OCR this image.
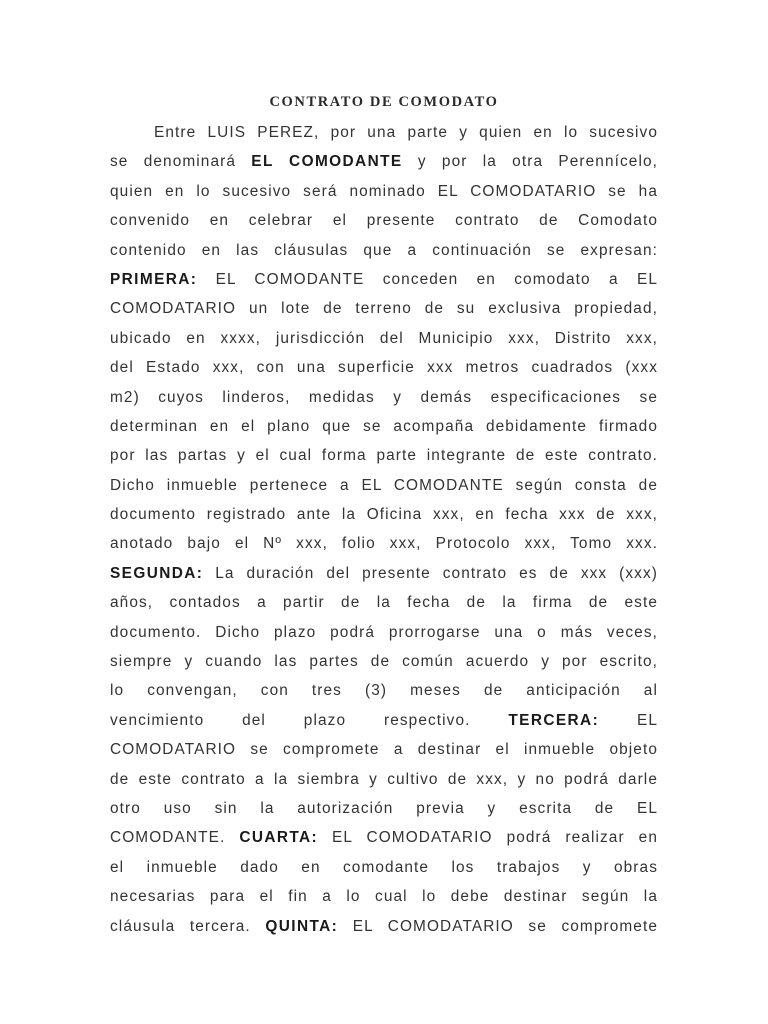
CONTRATO DE COMODATO
Entre LUIS PEREZ, por una parte y quien en lo sucesivo
se denominará EL COMODANTE y por la otra Perennícelo,
quien en lo sucesivo será nominado EL COMODATARIO se ha
convenido en celebrar el presente contrato de Comodato
contenido en las cláusulas que a continuación se expresan:
PRIMERA: EL COMODANTE conceden en comodato a EL
COMODATARIO un lote de terreno de su exclusiva propiedad,
ubicado en xxxx, jurisdicción del Municipio xxx, Distrito xxx,
del Estado xxx, con una superficie xxx metros cuadrados (xxx
m2) cuyos linderos, medidas y demás especificaciones se
determinan en el plano que se acompaña debidamente firmado
por las partas y el cual forma parte integrante de este contrato.
Dicho inmueble pertenece a EL COMODANTE según consta de
documento registrado ante la Oficina xxx, en fecha xxx de xxx,
anotado bajo el Nº xxx, folio xxx, Protocolo xxx, Tomo xxx.
SEGUNDA: La duración del presente contrato es de xxx (xxx)
años, contados a partir de la fecha de la firma de este
documento. Dicho plazo podrá prorrogarse una o más veces,
siempre y cuando las partes de común acuerdo y por escrito,
lo convengan, con tres (3) meses de anticipación al
vencimiento del plazo respectivo. TERCERA: EL
COMODATARIO se compromete a destinar el inmueble objeto
de este contrato a la siembra y cultivo de xxx, y no podrá darle
otro uso sin la autorización previa y escrita de EL
COMODANTE. CUARTA: EL COMODATARIO podrá realizar en
el inmueble dado en comodante los trabajos y obras
necesarias para el fin a lo cual lo debe destinar según la
cláusula tercera. QUINTA: EL COMODATARIO se compromete
